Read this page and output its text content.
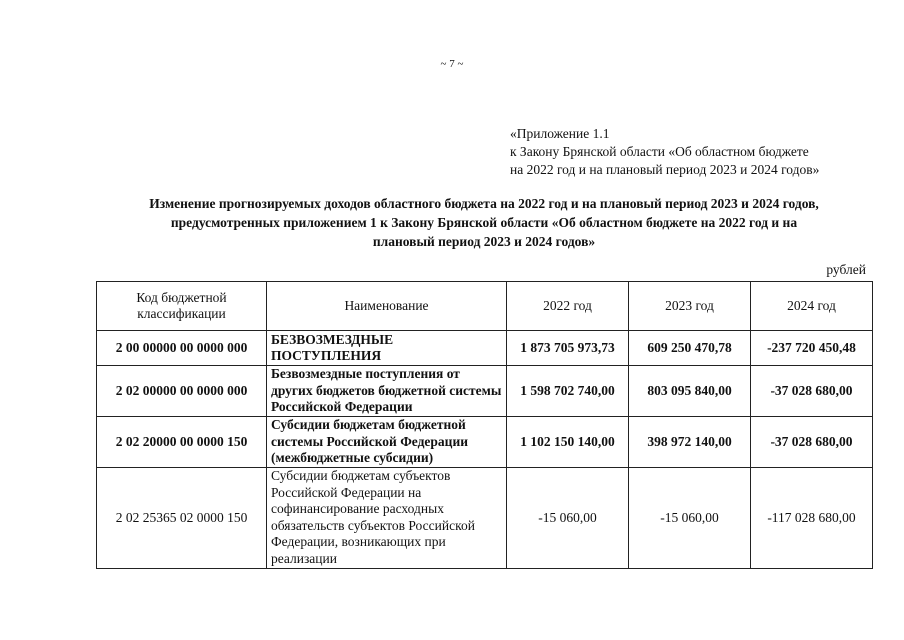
~ 7 ~
«Приложение 1.1
к Закону Брянской области «Об областном бюджете
на 2022 год и на плановый период 2023 и 2024 годов»
Изменение прогнозируемых доходов областного бюджета на 2022 год и на плановый период 2023 и 2024 годов,
предусмотренных приложением 1 к Закону Брянской области «Об областном бюджете на 2022 год и на
плановый период 2023 и 2024 годов»
рублей
Код бюджетной классификации	Наименование	2022 год	2023 год	2024 год
2 00 00000 00 0000 000	БЕЗВОЗМЕЗДНЫЕ ПОСТУПЛЕНИЯ	1 873 705 973,73	609 250 470,78	-237 720 450,48
2 02 00000 00 0000 000	Безвозмездные поступления от других бюджетов бюджетной системы Российской Федерации	1 598 702 740,00	803 095 840,00	-37 028 680,00
2 02 20000 00 0000 150	Субсидии бюджетам бюджетной системы Российской Федерации (межбюджетные субсидии)	1 102 150 140,00	398 972 140,00	-37 028 680,00
2 02 25365 02 0000 150	Субсидии бюджетам субъектов Российской Федерации на софинансирование расходных обязательств субъектов Российской Федерации, возникающих при реализации	-15 060,00	-15 060,00	-117 028 680,00
